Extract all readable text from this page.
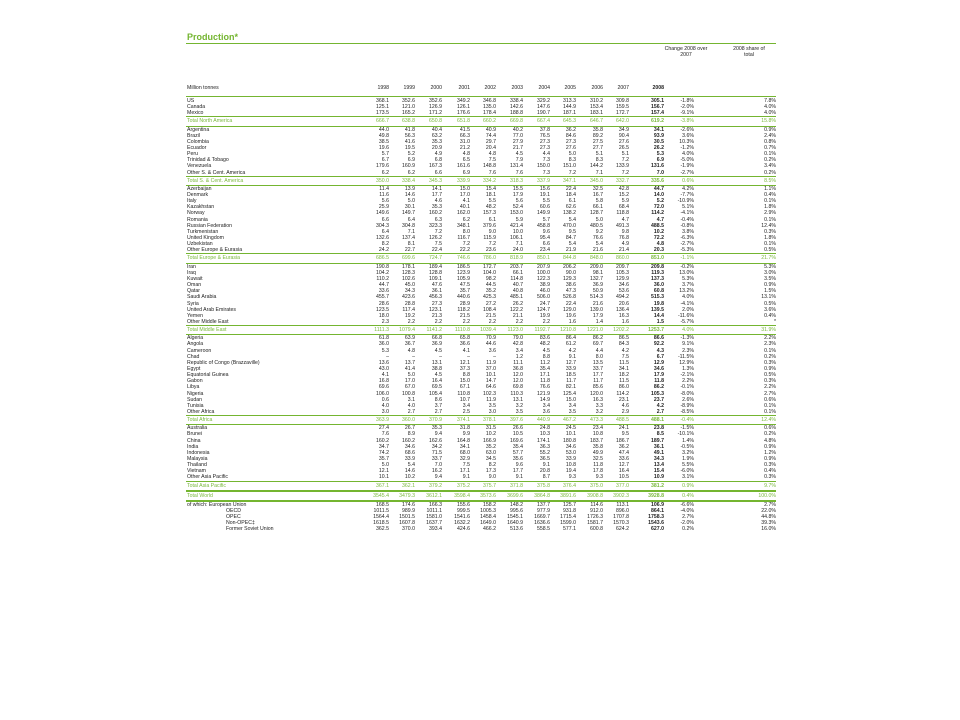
Production*
Change 2008 over 2007
2008 share of total
Million tonnes
US	368.1	352.6	352.6	349.2	346.8	338.4	329.2	313.3	310.2	309.8	305.1	-1.8%	7.8%
Canada	125.1	121.0	126.9	126.1	135.0	142.6	147.6	144.9	153.4	159.5	156.7	-2.0%	4.0%
Mexico	173.5	165.2	171.2	176.6	178.4	188.8	190.7	187.1	183.1	172.7	157.4	-9.1%	4.0%
Total North America	666.7	638.8	650.8	651.8	660.2	669.8	667.4	645.3	646.7	642.0	619.2	-3.8%	15.8%
Argentina	44.0	41.8	40.4	41.5	40.9	40.2	37.8	36.2	35.8	34.9	34.1	-2.6%	0.9%
Brazil	49.8	56.3	63.2	66.3	74.4	77.0	76.5	84.6	89.2	90.4	93.9	3.6%	2.4%
Colombia	38.5	41.6	35.3	31.0	29.7	27.9	27.3	27.3	27.5	27.6	30.5	10.3%	0.8%
Ecuador	19.6	19.5	20.9	21.2	20.4	21.7	27.3	27.6	27.7	26.5	26.2	-1.2%	0.7%
Peru	5.7	5.2	4.9	4.8	4.8	4.5	4.4	5.0	5.1	5.1	5.3	4.0%	0.1%
Trinidad & Tobago	6.7	6.9	6.8	6.5	7.5	7.9	7.3	8.3	8.3	7.2	6.9	-5.0%	0.2%
Venezuela	179.6	160.9	167.3	161.6	148.8	131.4	150.0	151.0	144.2	133.9	131.6	-1.9%	3.4%
Other S. & Cent. America	6.2	6.2	6.6	6.9	7.6	7.6	7.3	7.2	7.1	7.2	7.0	-2.7%	0.2%
Total S. & Cent. America	350.0	338.4	345.3	339.9	334.2	318.3	337.9	347.1	345.0	332.7	335.6	0.6%	8.5%
Azerbaijan	11.4	13.9	14.1	15.0	15.4	15.5	15.6	22.4	32.5	42.8	44.7	4.2%	1.1%
Denmark	11.6	14.6	17.7	17.0	18.1	17.9	19.1	18.4	16.7	15.2	14.0	-7.7%	0.4%
Italy	5.6	5.0	4.6	4.1	5.5	5.6	5.5	6.1	5.8	5.9	5.2	-10.9%	0.1%
Kazakhstan	25.9	30.1	35.3	40.1	48.2	52.4	60.6	62.6	66.1	68.4	72.0	5.1%	1.8%
Norway	149.6	149.7	160.2	162.0	157.3	153.0	149.9	138.2	128.7	118.8	114.2	-4.1%	2.9%
Romania	6.6	6.4	6.3	6.2	6.1	5.9	5.7	5.4	5.0	4.7	4.7	-0.4%	0.1%
Russian Federation	304.3	304.8	323.3	348.1	379.6	421.4	458.8	470.0	480.5	491.3	488.5	-0.8%	12.4%
Turkmenistan	6.4	7.1	7.2	8.0	9.0	10.0	9.6	9.5	9.2	9.8	10.2	3.8%	0.3%
United Kingdom	132.6	137.4	126.2	116.7	115.9	106.1	95.4	84.7	76.6	76.8	72.2	-6.3%	1.8%
Uzbekistan	8.2	8.1	7.5	7.2	7.2	7.1	6.6	5.4	5.4	4.9	4.8	-2.7%	0.1%
Other Europe & Eurasia	24.2	22.7	22.4	22.2	23.6	24.0	23.4	21.9	21.6	21.4	20.3	-5.3%	0.5%
Total Europe & Eurasia	686.5	699.6	724.7	746.6	786.0	818.9	850.1	844.8	848.0	860.0	851.0	-1.1%	21.7%
Iran	190.8	178.1	189.4	186.5	172.7	203.7	207.9	206.2	209.0	209.7	209.8	-0.2%	5.3%
Iraq	104.2	128.3	128.8	123.9	104.0	66.1	100.0	90.0	98.1	105.3	119.3	13.0%	3.0%
Kuwait	110.2	102.6	109.1	105.9	98.2	114.8	122.3	129.3	132.7	129.9	137.3	5.3%	3.5%
Oman	44.7	45.0	47.6	47.5	44.5	40.7	38.9	38.6	36.9	34.6	36.0	3.7%	0.9%
Qatar	33.6	34.3	36.1	35.7	35.2	40.8	46.0	47.3	50.9	53.6	60.8	13.2%	1.5%
Saudi Arabia	455.7	423.6	456.3	440.6	425.3	485.1	506.0	526.8	514.3	494.2	515.3	4.0%	13.1%
Syria	28.6	28.8	27.3	28.9	27.2	26.2	24.7	22.4	21.6	20.6	19.8	-4.1%	0.5%
United Arab Emirates	123.5	117.4	123.1	118.2	108.4	122.2	124.7	129.0	139.0	136.4	139.5	2.0%	3.6%
Yemen	18.0	19.2	21.3	21.5	21.5	21.1	19.9	19.6	17.9	16.3	14.4	-11.6%	0.4%
Other Middle East	2.3	2.2	2.2	2.2	2.2	2.2	2.2	1.6	1.4	1.6	1.5	-5.7%	*
Total Middle East	1111.3	1079.4	1141.2	1110.8	1039.4	1123.0	1192.7	1210.8	1221.0	1202.2	1253.7	4.0%	31.9%
Algeria	61.8	63.9	66.8	65.8	70.9	79.0	83.6	86.4	86.2	86.5	86.6	-1.3%	2.2%
Angola	36.0	36.7	36.9	36.6	44.6	42.8	48.2	61.2	69.7	84.3	92.2	9.1%	2.3%
Cameroon	5.3	4.8	4.5	4.1	3.6	3.4	4.5	4.2	4.4	4.2	4.3	2.3%	0.1%
Chad	–	–	–	–	–	1.2	8.8	9.1	8.0	7.5	6.7	-11.5%	0.2%
Republic of Congo (Brazzaville)	13.6	13.7	13.1	12.1	11.9	11.1	11.2	12.7	13.5	11.5	12.9	12.9%	0.3%
Egypt	43.0	41.4	38.8	37.3	37.0	36.8	35.4	33.9	33.7	34.1	34.6	1.3%	0.9%
Equatorial Guinea	4.1	5.0	4.5	8.8	10.1	12.0	17.1	18.5	17.7	18.2	17.9	-2.1%	0.5%
Gabon	16.8	17.0	16.4	15.0	14.7	12.0	11.8	11.7	11.7	11.5	11.8	2.2%	0.3%
Libya	69.6	67.0	69.5	67.1	64.6	69.8	76.6	82.1	85.6	86.0	86.2	-0.1%	2.2%
Nigeria	106.0	100.8	105.4	110.8	102.3	110.3	121.9	125.4	120.0	114.2	105.3	-8.0%	2.7%
Sudan	0.6	3.1	8.6	10.7	11.9	13.1	14.9	15.0	16.3	23.1	23.7	2.6%	0.6%
Tunisia	4.0	4.0	3.7	3.4	3.5	3.2	3.4	3.4	3.3	4.6	4.2	-8.9%	0.1%
Other Africa	3.0	2.7	2.7	2.5	3.0	3.5	3.6	3.5	3.2	2.9	2.7	-8.5%	0.1%
Total Africa	363.9	360.0	370.9	374.1	378.1	397.6	440.9	467.2	473.3	488.5	488.1	-0.4%	12.4%
Australia	27.4	26.7	35.3	31.8	31.5	26.6	24.8	24.5	23.4	24.1	23.8	-1.5%	0.6%
Brunei	7.6	8.9	9.4	9.9	10.2	10.5	10.3	10.1	10.8	9.5	8.5	-10.1%	0.2%
China	160.2	160.2	162.6	164.8	166.9	169.6	174.1	180.8	183.7	186.7	189.7	1.4%	4.8%
India	34.7	34.6	34.2	34.1	35.2	35.4	36.3	34.6	35.8	36.2	36.1	-0.5%	0.9%
Indonesia	74.2	68.6	71.5	68.0	63.0	57.7	55.2	53.0	49.9	47.4	49.1	3.2%	1.2%
Malaysia	35.7	33.9	33.7	32.9	34.5	35.6	36.5	33.9	32.5	33.6	34.3	1.9%	0.9%
Thailand	5.0	5.4	7.0	7.5	8.2	9.6	9.1	10.8	11.8	12.7	13.4	5.5%	0.3%
Vietnam	12.1	14.6	16.2	17.1	17.3	17.7	20.8	19.4	17.8	16.4	15.4	-6.0%	0.4%
Other Asia Pacific	10.1	10.2	9.4	9.1	9.0	9.1	8.7	9.3	9.3	10.5	10.9	3.1%	0.3%
Total Asia Pacific	367.1	362.1	379.2	375.2	375.7	371.8	375.8	376.4	375.0	377.0	381.2	0.9%	9.7%
Total World	3545.4	3479.3	3612.1	3598.4	3573.6	3699.6	3864.8	3891.6	3908.8	3902.3	3928.8	0.4%	100.0%
of which: European Union	168.5	174.6	166.3	155.6	158.2	148.2	137.7	125.7	114.6	113.1	106.9	-6.6%	2.7%
OECD	1011.5	989.9	1011.1	999.5	1005.3	995.6	977.9	931.8	912.0	896.0	864.1	-4.0%	22.0%
OPEC	1564.4	1501.5	1581.0	1541.6	1458.4	1545.1	1669.7	1715.4	1726.3	1707.8	1758.3	2.7%	44.8%
Non-OPEC‡	1618.5	1607.8	1637.7	1632.2	1649.0	1640.9	1636.6	1599.0	1581.7	1570.3	1543.6	-2.0%	39.3%
Former Soviet Union	362.5	370.0	393.4	424.6	466.2	513.6	558.5	577.1	600.8	624.2	627.0	0.2%	16.0%
1998	1999	2000	2001	2002	2003	2004	2005	2006	2007	2008
